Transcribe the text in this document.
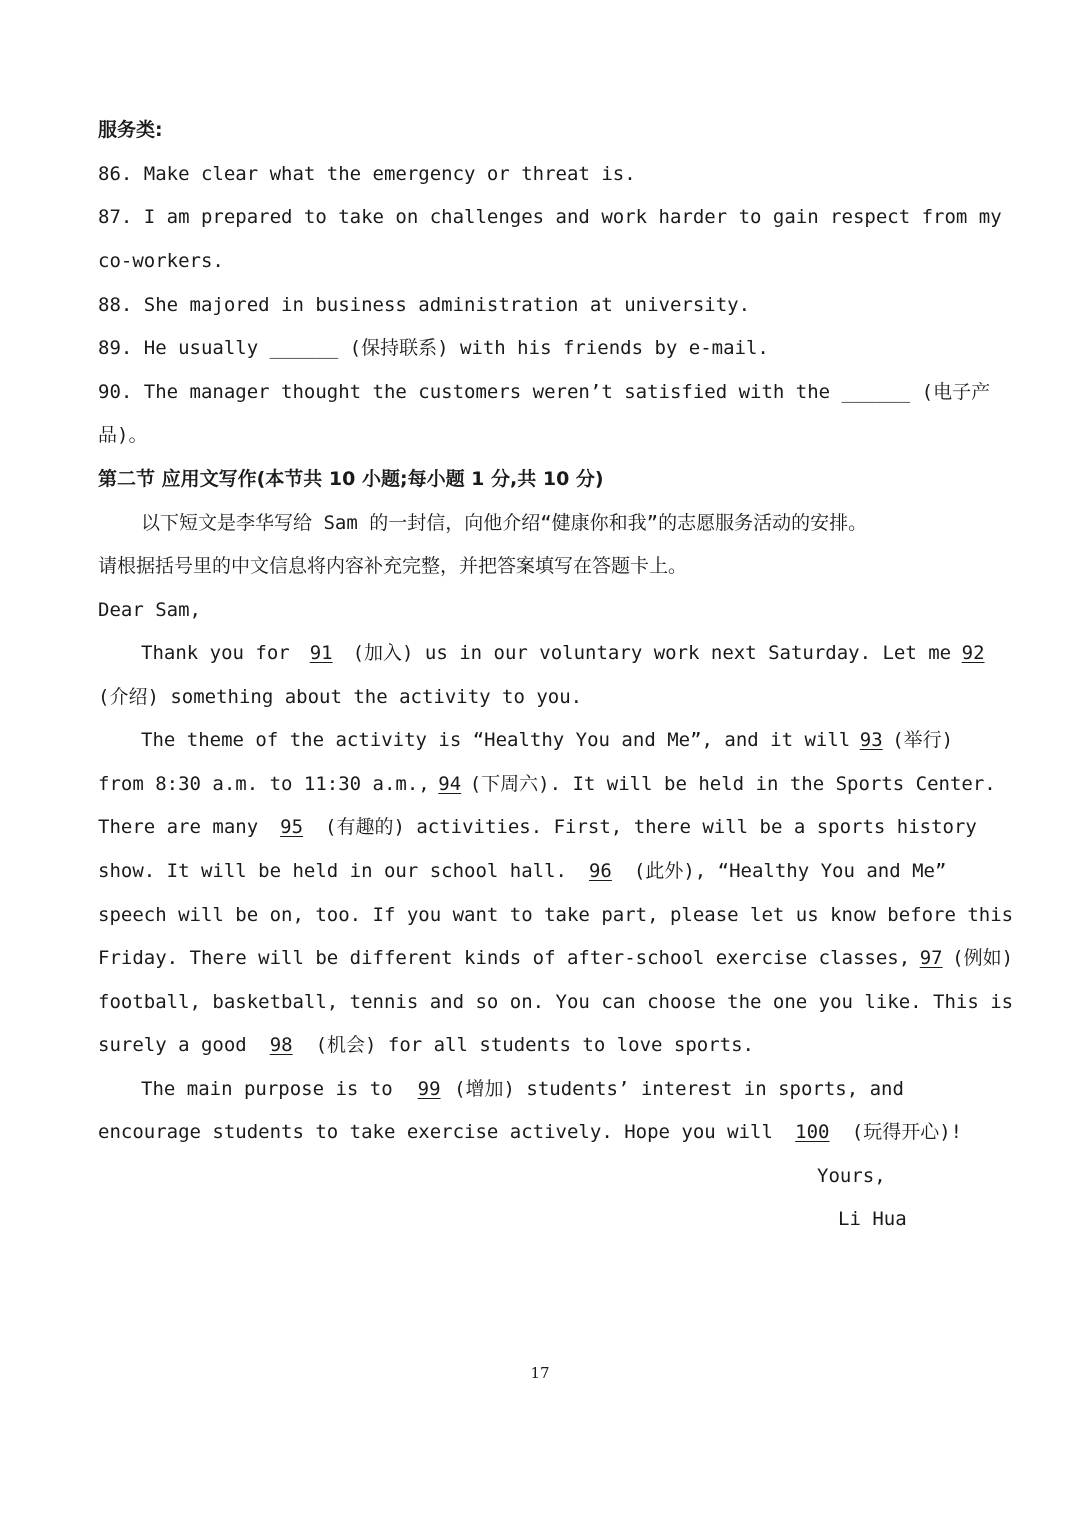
服务类:
86. Make clear what the emergency or threat is.
87. I am prepared to take on challenges and work harder to gain respect from my
co-workers.
88. She majored in business administration at university.
89. He usually ______ (保持联系) with his friends by e-mail.
90. The manager thought the customers weren’t satisfied with the ______ (电子产
品)。
第二节 应用文写作(本节共 10 小题;每小题 1 分,共 10 分)
以下短文是李华写给 Sam 的一封信，向他介绍“健康你和我”的志愿服务活动的安排。
请根据括号里的中文信息将内容补充完整，并把答案填写在答题卡上。
Dear Sam,
Thank you for 91 (加入) us in our voluntary work next Saturday. Let me 92
(介绍) something about the activity to you.
The theme of the activity is “Healthy You and Me”, and it will 93 (举行)
from 8:30 a.m. to 11:30 a.m., 94 (下周六). It will be held in the Sports Center.
There are many 95 (有趣的) activities. First, there will be a sports history
show. It will be held in our school hall. 96 (此外), “Healthy You and Me”
speech will be on, too. If you want to take part, please let us know before this
Friday. There will be different kinds of after-school exercise classes, 97 (例如)
football, basketball, tennis and so on. You can choose the one you like. This is
surely a good 98 (机会) for all students to love sports.
The main purpose is to 99 (增加) students’ interest in sports, and
encourage students to take exercise actively. Hope you will 100 (玩得开心)!
Yours,
Li Hua
17
